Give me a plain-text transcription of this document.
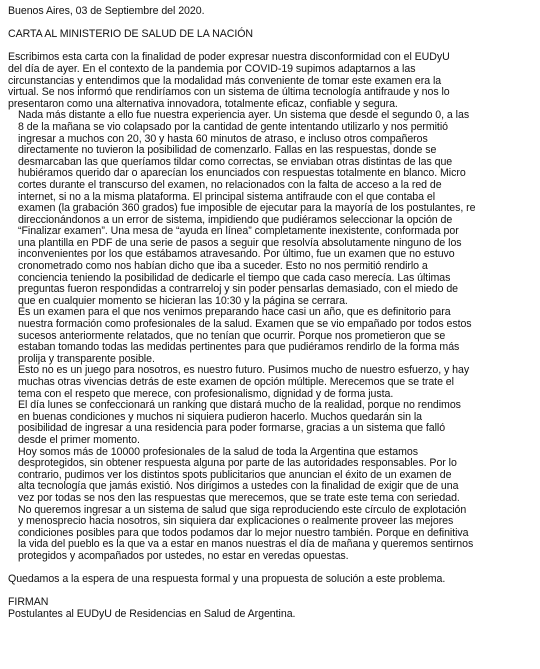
Buenos Aires, 03 de Septiembre del 2020.
CARTA AL MINISTERIO DE SALUD DE LA NACIÓN
Escribimos esta carta con la finalidad de poder expresar nuestra disconformidad con el EUDyU
del día de ayer. En el contexto de la pandemia por COVID-19 supimos adaptarnos a las
circunstancias y entendimos que la modalidad más conveniente de tomar este examen era la
virtual. Se nos informó que rendiríamos con un sistema de última tecnología antifraude y nos lo
presentaron como una alternativa innovadora, totalmente eficaz, confiable y segura.
Nada más distante a ello fue nuestra experiencia ayer. Un sistema que desde el segundo 0, a las
8 de la mañana se vio colapsado por la cantidad de gente intentando utilizarlo y nos permitió
ingresar a muchos con 20, 30 y hasta 60 minutos de atraso, e incluso otros compañeros
directamente no tuvieron la posibilidad de comenzarlo. Fallas en las respuestas, donde se
desmarcaban las que queríamos tildar como correctas, se enviaban otras distintas de las que
hubiéramos querido dar o aparecían los enunciados con respuestas totalmente en blanco. Micro
cortes durante el transcurso del examen, no relacionados con la falta de acceso a la red de
internet, si no a la misma plataforma. El principal sistema antifraude con el que contaba el
examen (la grabación 360 grados) fue imposible de ejecutar para la mayoría de los postulantes, re
direccionándonos a un error de sistema, impidiendo que pudiéramos seleccionar la opción de
“Finalizar examen”. Una mesa de “ayuda en línea” completamente inexistente, conformada por
una plantilla en PDF de una serie de pasos a seguir que resolvía absolutamente ninguno de los
inconvenientes por los que estábamos atravesando. Por último, fue un examen que no estuvo
cronometrado como nos habían dicho que iba a suceder. Esto no nos permitió rendirlo a
conciencia teniendo la posibilidad de dedicarle el tiempo que cada caso merecía. Las últimas
preguntas fueron respondidas a contrarreloj y sin poder pensarlas demasiado, con el miedo de
que en cualquier momento se hicieran las 10:30 y la página se cerrara.
Es un examen para el que nos venimos preparando hace casi un año, que es definitorio para
nuestra formación como profesionales de la salud. Examen que se vio empañado por todos estos
sucesos anteriormente relatados, que no tenían que ocurrir. Porque nos prometieron que se
estaban tomando todas las medidas pertinentes para que pudiéramos rendirlo de la forma más
prolija y transparente posible.
Esto no es un juego para nosotros, es nuestro futuro. Pusimos mucho de nuestro esfuerzo, y hay
muchas otras vivencias detrás de este examen de opción múltiple. Merecemos que se trate el
tema con el respeto que merece, con profesionalismo, dignidad y de forma justa.
El día lunes se confeccionará un ranking que distará mucho de la realidad, porque no rendimos
en buenas condiciones y muchos ni siquiera pudieron hacerlo. Muchos quedarán sin la
posibilidad de ingresar a una residencia para poder formarse, gracias a un sistema que falló
desde el primer momento.
Hoy somos más de 10000 profesionales de la salud de toda la Argentina que estamos
desprotegidos, sin obtener respuesta alguna por parte de las autoridades responsables. Por lo
contrario, pudimos ver los distintos spots publicitarios que anuncian el éxito de un examen de
alta tecnología que jamás existió. Nos dirigimos a ustedes con la finalidad de exigir que de una
vez por todas se nos den las respuestas que merecemos, que se trate este tema con seriedad.
No queremos ingresar a un sistema de salud que siga reproduciendo este círculo de explotación
y menosprecio hacia nosotros, sin siquiera dar explicaciones o realmente proveer las mejores
condiciones posibles para que todos podamos dar lo mejor nuestro también. Porque en definitiva
la vida del pueblo es la que va a estar en manos nuestras el día de mañana y queremos sentirnos
protegidos y acompañados por ustedes, no estar en veredas opuestas.
Quedamos a la espera de una respuesta formal y una propuesta de solución a este problema.
FIRMAN
Postulantes al EUDyU de Residencias en Salud de Argentina.
